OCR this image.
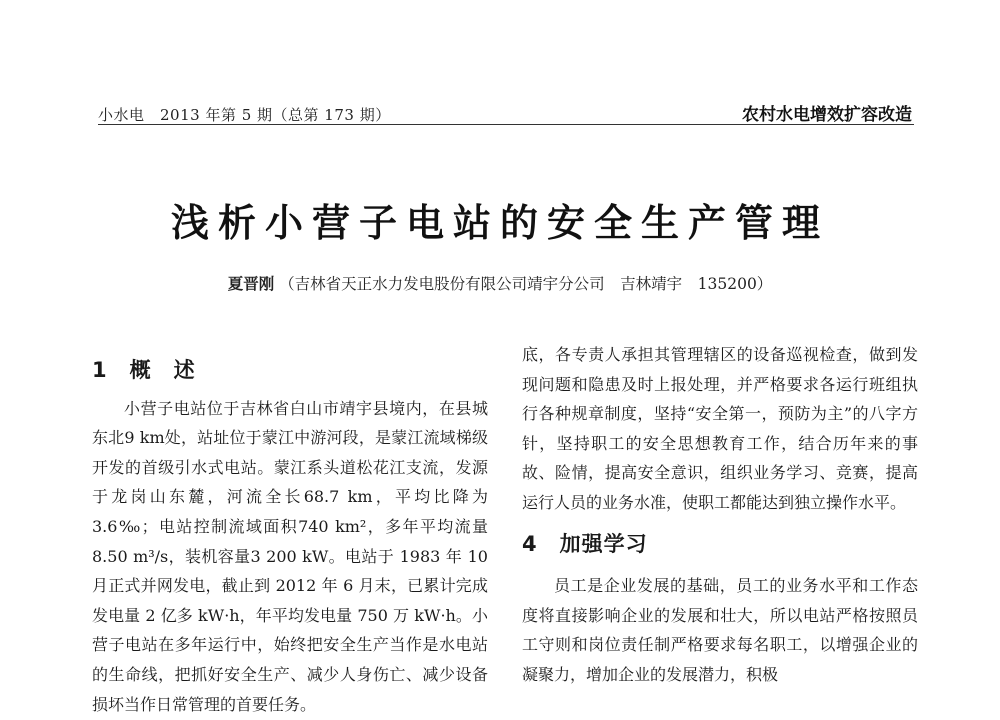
小水电　2013 年第 5 期（总第 173 期）	农村水电增效扩容改造
浅析小营子电站的安全生产管理
夏晋刚 （吉林省天正水力发电股份有限公司靖宇分公司　吉林靖宇　135200）
1 概　述

小营子电站位于吉林省白山市靖宇县境内，在县城东北9 km处，站址位于蒙江中游河段，是蒙江流域梯级开发的首级引水式电站。蒙江系头道松花江支流，发源于龙岗山东麓，河流全长68.7 km，平均比降为 3.6‰；电站控制流域面积740 km²，多年平均流量8.50 m³/s，装机容量3 200 kW。电站于 1983 年 10 月正式并网发电，截止到 2012 年 6 月末，已累计完成发电量 2 亿多 kW·h，年平均发电量 750 万 kW·h。小营子电站在多年运行中，始终把安全生产当作是水电站的生命线，把抓好安全生产、减少人身伤亡、减少设备损坏当作日常管理的首要任务。

底，各专责人承担其管理辖区的设备巡视检查，做到发现问题和隐患及时上报处理，并严格要求各运行班组执行各种规章制度，坚持“安全第一，预防为主”的八字方针，坚持职工的安全思想教育工作，结合历年来的事故、险情，提高安全意识，组织业务学习、竞赛，提高运行人员的业务水准，使职工都能达到独立操作水平。

4 加强学习

员工是企业发展的基础，员工的业务水平和工作态度将直接影响企业的发展和壮大，所以电站严格按照员工守则和岗位责任制严格要求每名职工，以增强企业的凝聚力，增加企业的发展潜力，积极
